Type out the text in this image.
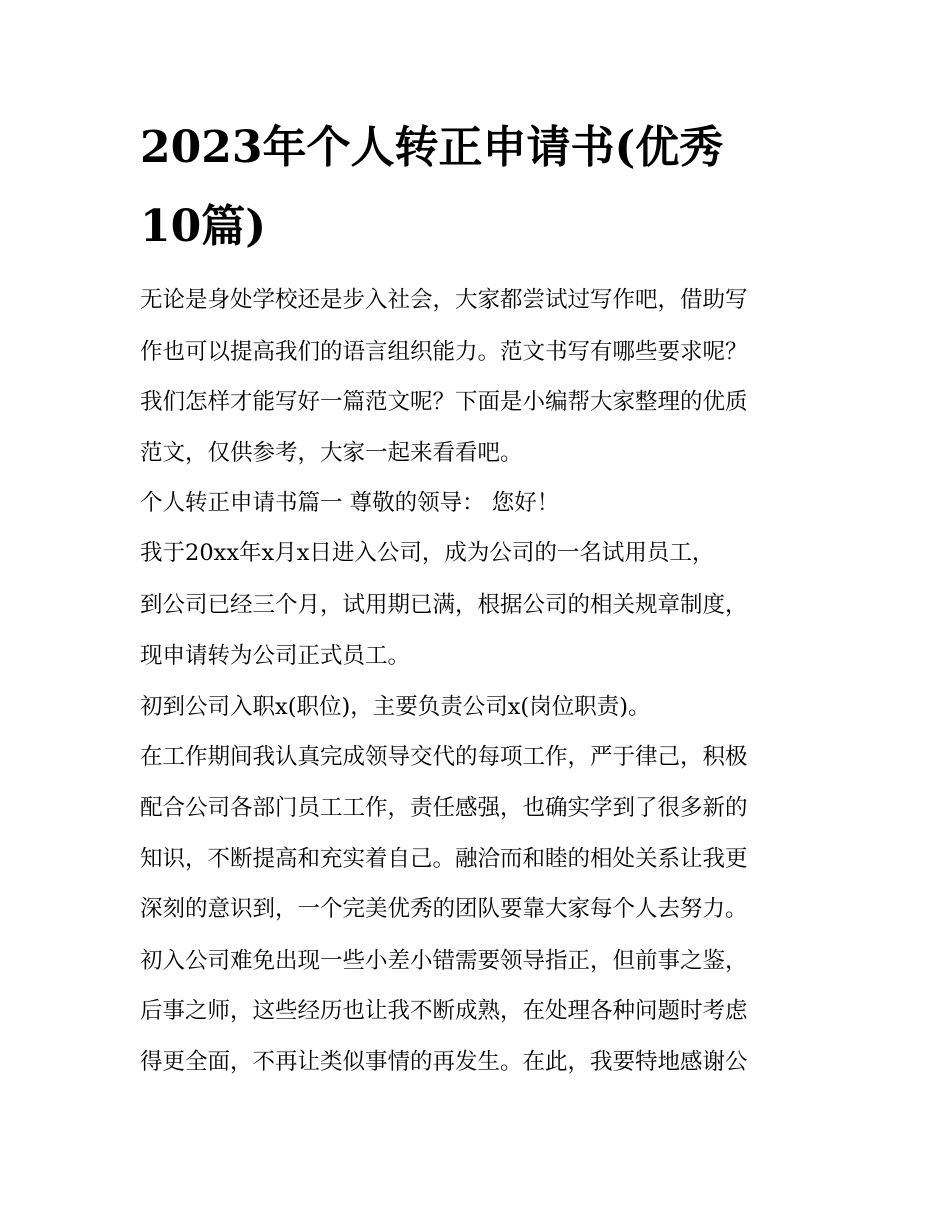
2023年个人转正申请书(优秀
10篇)

无论是身处学校还是步入社会，大家都尝试过写作吧，借助写

作也可以提高我们的语言组织能力。范文书写有哪些要求呢？

我们怎样才能写好一篇范文呢？下面是小编帮大家整理的优质

范文，仅供参考，大家一起来看看吧。

个人转正申请书篇一 尊敬的领导： 您好！

我于20xx年x月x日进入公司，成为公司的一名试用员工，

到公司已经三个月，试用期已满，根据公司的相关规章制度，

现申请转为公司正式员工。

初到公司入职x(职位)，主要负责公司x(岗位职责)。

在工作期间我认真完成领导交代的每项工作，严于律己，积极

配合公司各部门员工工作，责任感强，也确实学到了很多新的

知识，不断提高和充实着自己。融洽而和睦的相处关系让我更

深刻的意识到，一个完美优秀的团队要靠大家每个人去努力。

初入公司难免出现一些小差小错需要领导指正，但前事之鉴，

后事之师，这些经历也让我不断成熟，在处理各种问题时考虑

得更全面，不再让类似事情的再发生。在此，我要特地感谢公
